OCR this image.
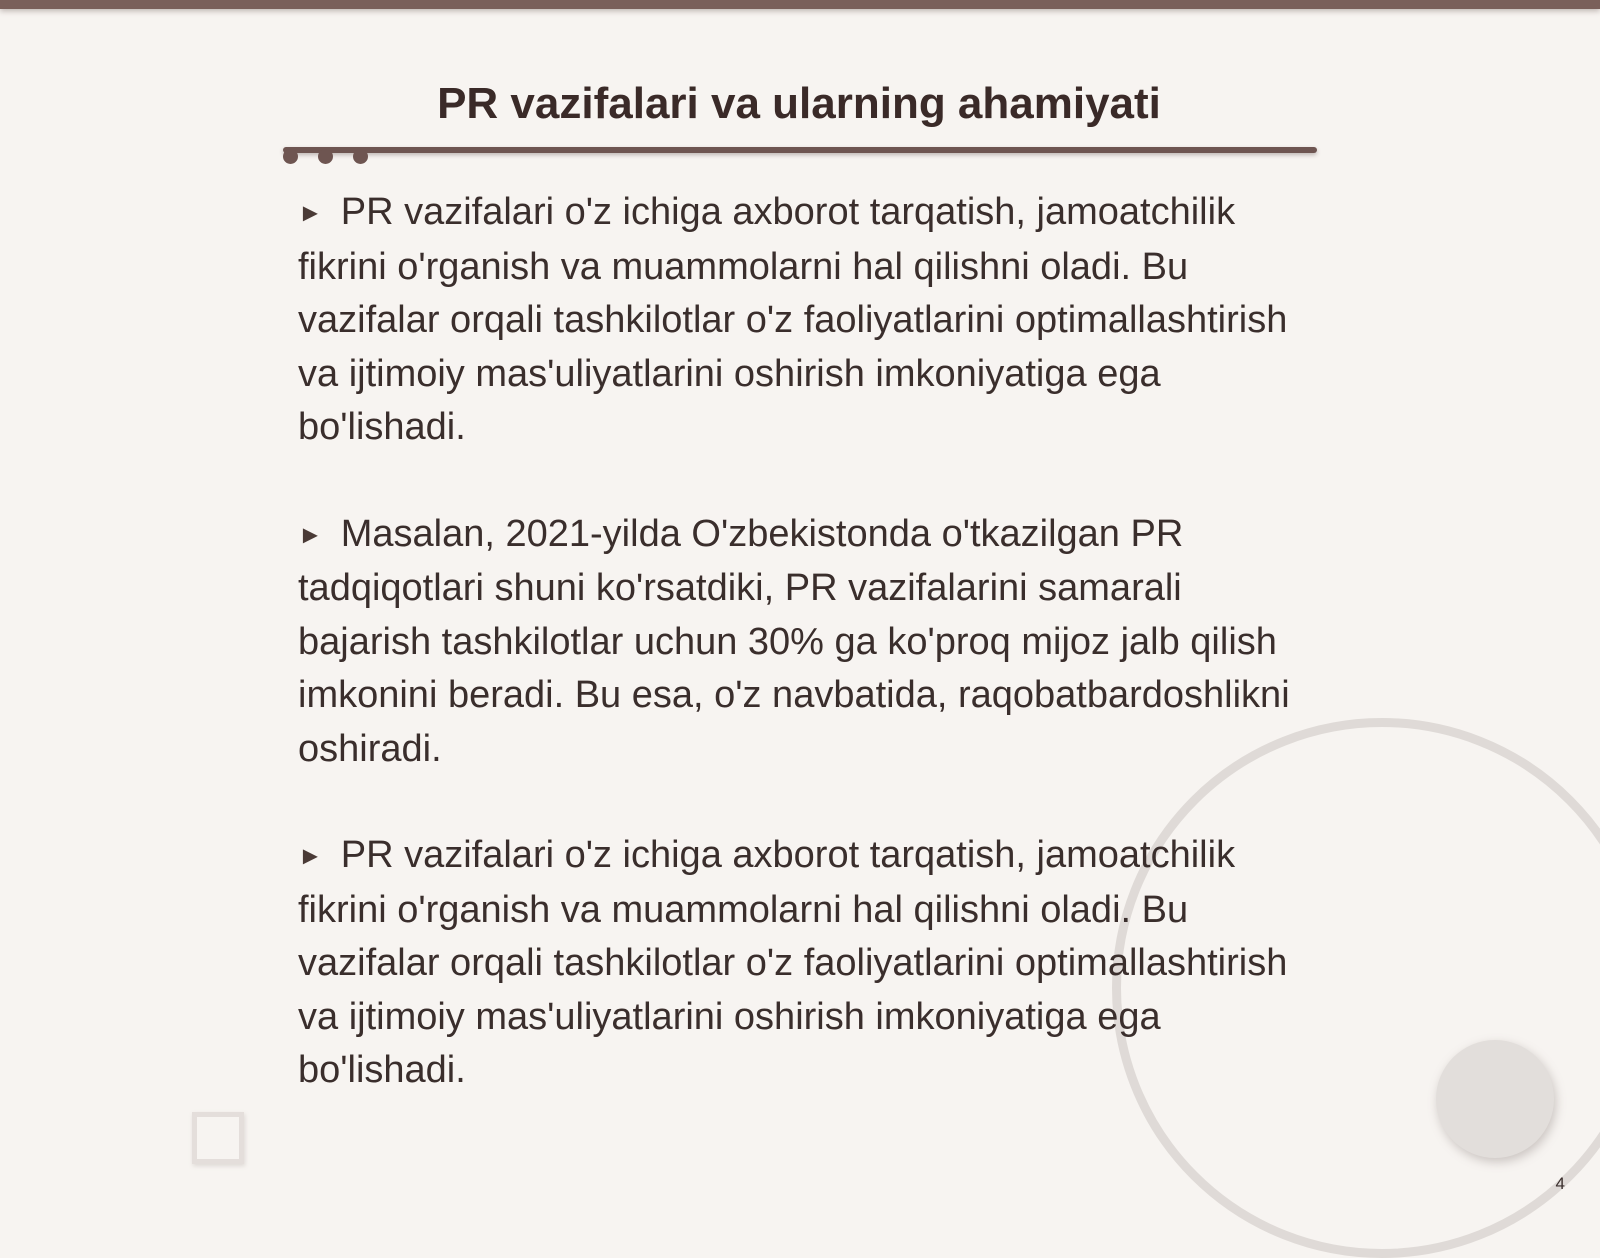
PR vazifalari va ularning ahamiyati

► PR vazifalari o'z ichiga axborot tarqatish, jamoatchilik fikrini o'rganish va muammolarni hal qilishni oladi. Bu vazifalar orqali tashkilotlar o'z faoliyatlarini optimallashtirish va ijtimoiy mas'uliyatlarini oshirish imkoniyatiga ega bo'lishadi.

► Masalan, 2021-yilda O'zbekistonda o'tkazilgan PR tadqiqotlari shuni ko'rsatdiki, PR vazifalarini samarali bajarish tashkilotlar uchun 30% ga ko'proq mijoz jalb qilish imkonini beradi. Bu esa, o'z navbatida, raqobatbardoshlikni oshiradi.

► PR vazifalari o'z ichiga axborot tarqatish, jamoatchilik fikrini o'rganish va muammolarni hal qilishni oladi. Bu vazifalar orqali tashkilotlar o'z faoliyatlarini optimallashtirish va ijtimoiy mas'uliyatlarini oshirish imkoniyatiga ega bo'lishadi.

4
